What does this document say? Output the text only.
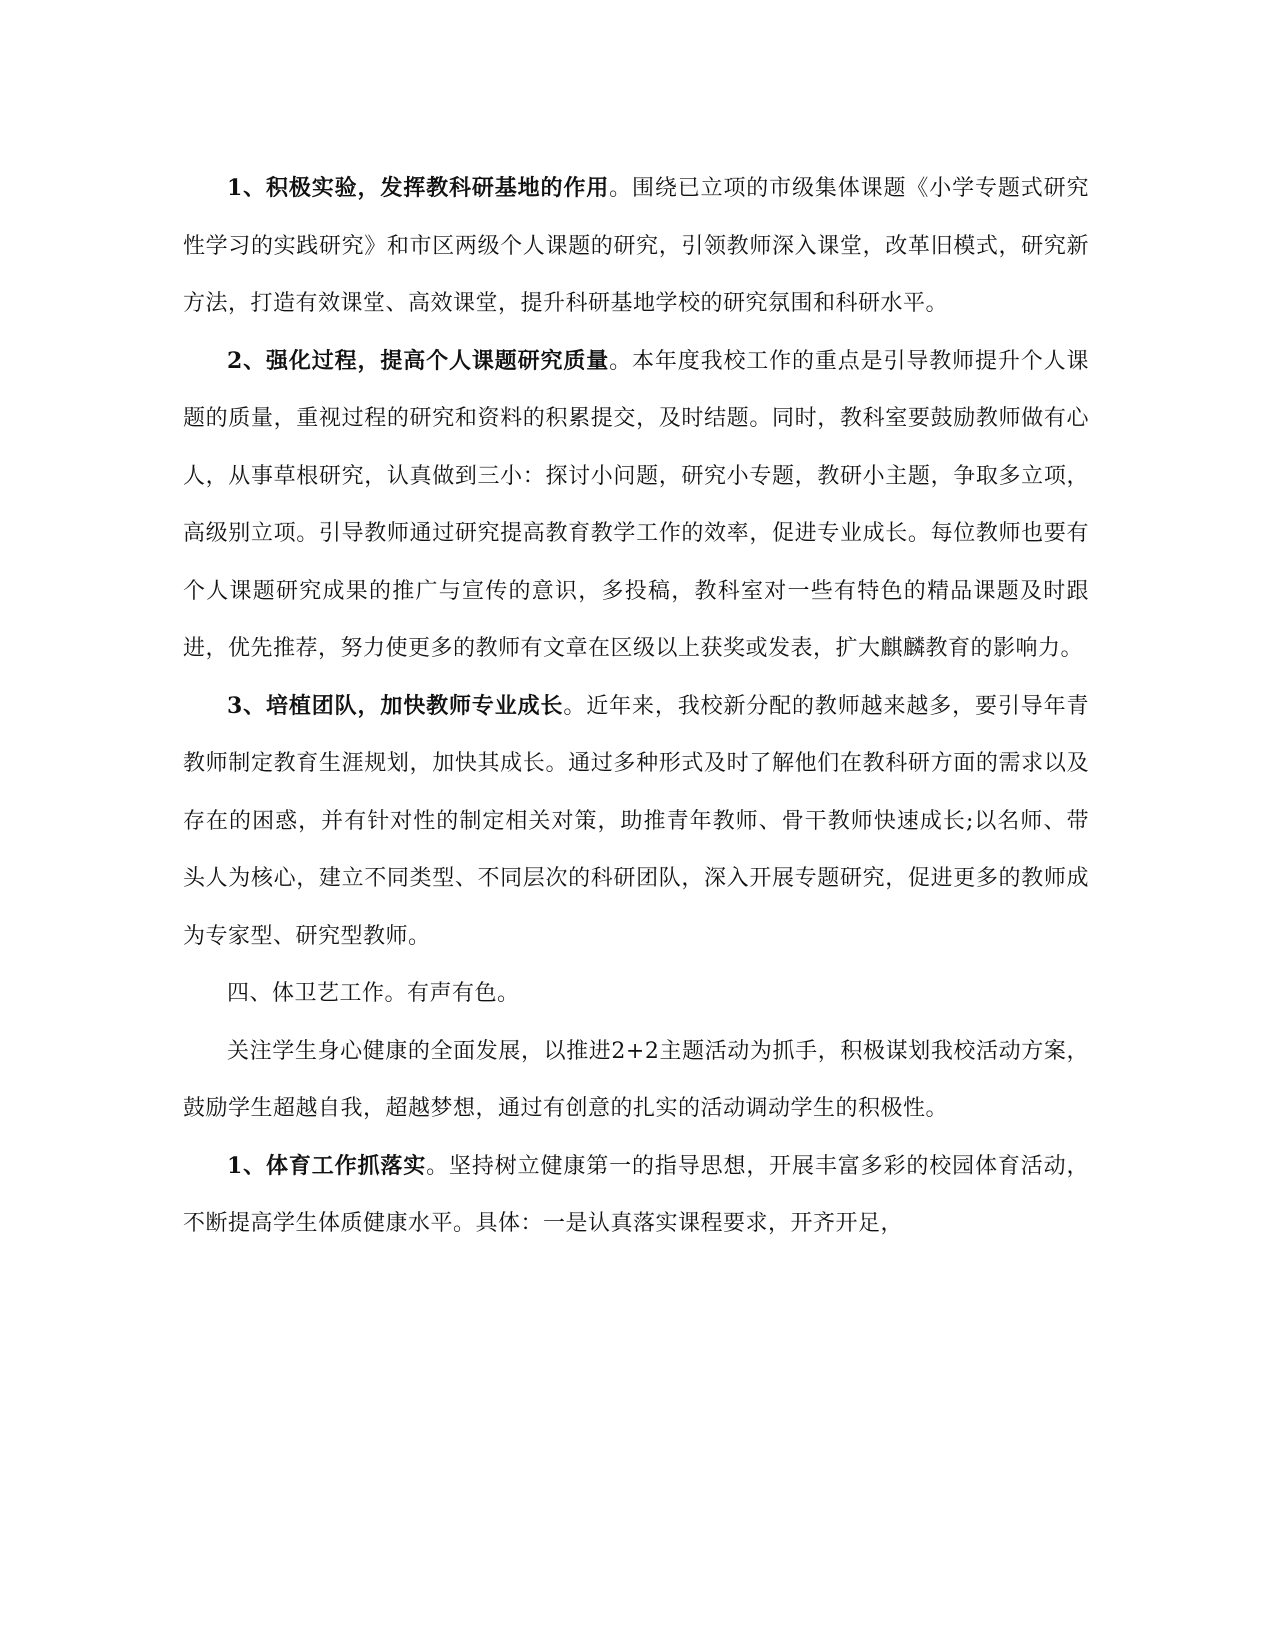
1、积极实验，发挥教科研基地的作用。围绕已立项的市级集体课题《小学专题式研究性学习的实践研究》和市区两级个人课题的研究，引领教师深入课堂，改革旧模式，研究新方法，打造有效课堂、高效课堂，提升科研基地学校的研究氛围和科研水平。

2、强化过程，提高个人课题研究质量。本年度我校工作的重点是引导教师提升个人课题的质量，重视过程的研究和资料的积累提交，及时结题。同时，教科室要鼓励教师做有心人，从事草根研究，认真做到三小：探讨小问题，研究小专题，教研小主题，争取多立项，高级别立项。引导教师通过研究提高教育教学工作的效率，促进专业成长。每位教师也要有个人课题研究成果的推广与宣传的意识，多投稿，教科室对一些有特色的精品课题及时跟进，优先推荐，努力使更多的教师有文章在区级以上获奖或发表，扩大麒麟教育的影响力。

3、培植团队，加快教师专业成长。近年来，我校新分配的教师越来越多，要引导年青教师制定教育生涯规划，加快其成长。通过多种形式及时了解他们在教科研方面的需求以及存在的困惑，并有针对性的制定相关对策，助推青年教师、骨干教师快速成长;以名师、带头人为核心，建立不同类型、不同层次的科研团队，深入开展专题研究，促进更多的教师成为专家型、研究型教师。

四、体卫艺工作。有声有色。

关注学生身心健康的全面发展，以推进2+2主题活动为抓手，积极谋划我校活动方案，鼓励学生超越自我，超越梦想，通过有创意的扎实的活动调动学生的积极性。

1、体育工作抓落实。坚持树立健康第一的指导思想，开展丰富多彩的校园体育活动，不断提高学生体质健康水平。具体：一是认真落实课程要求，开齐开足，
